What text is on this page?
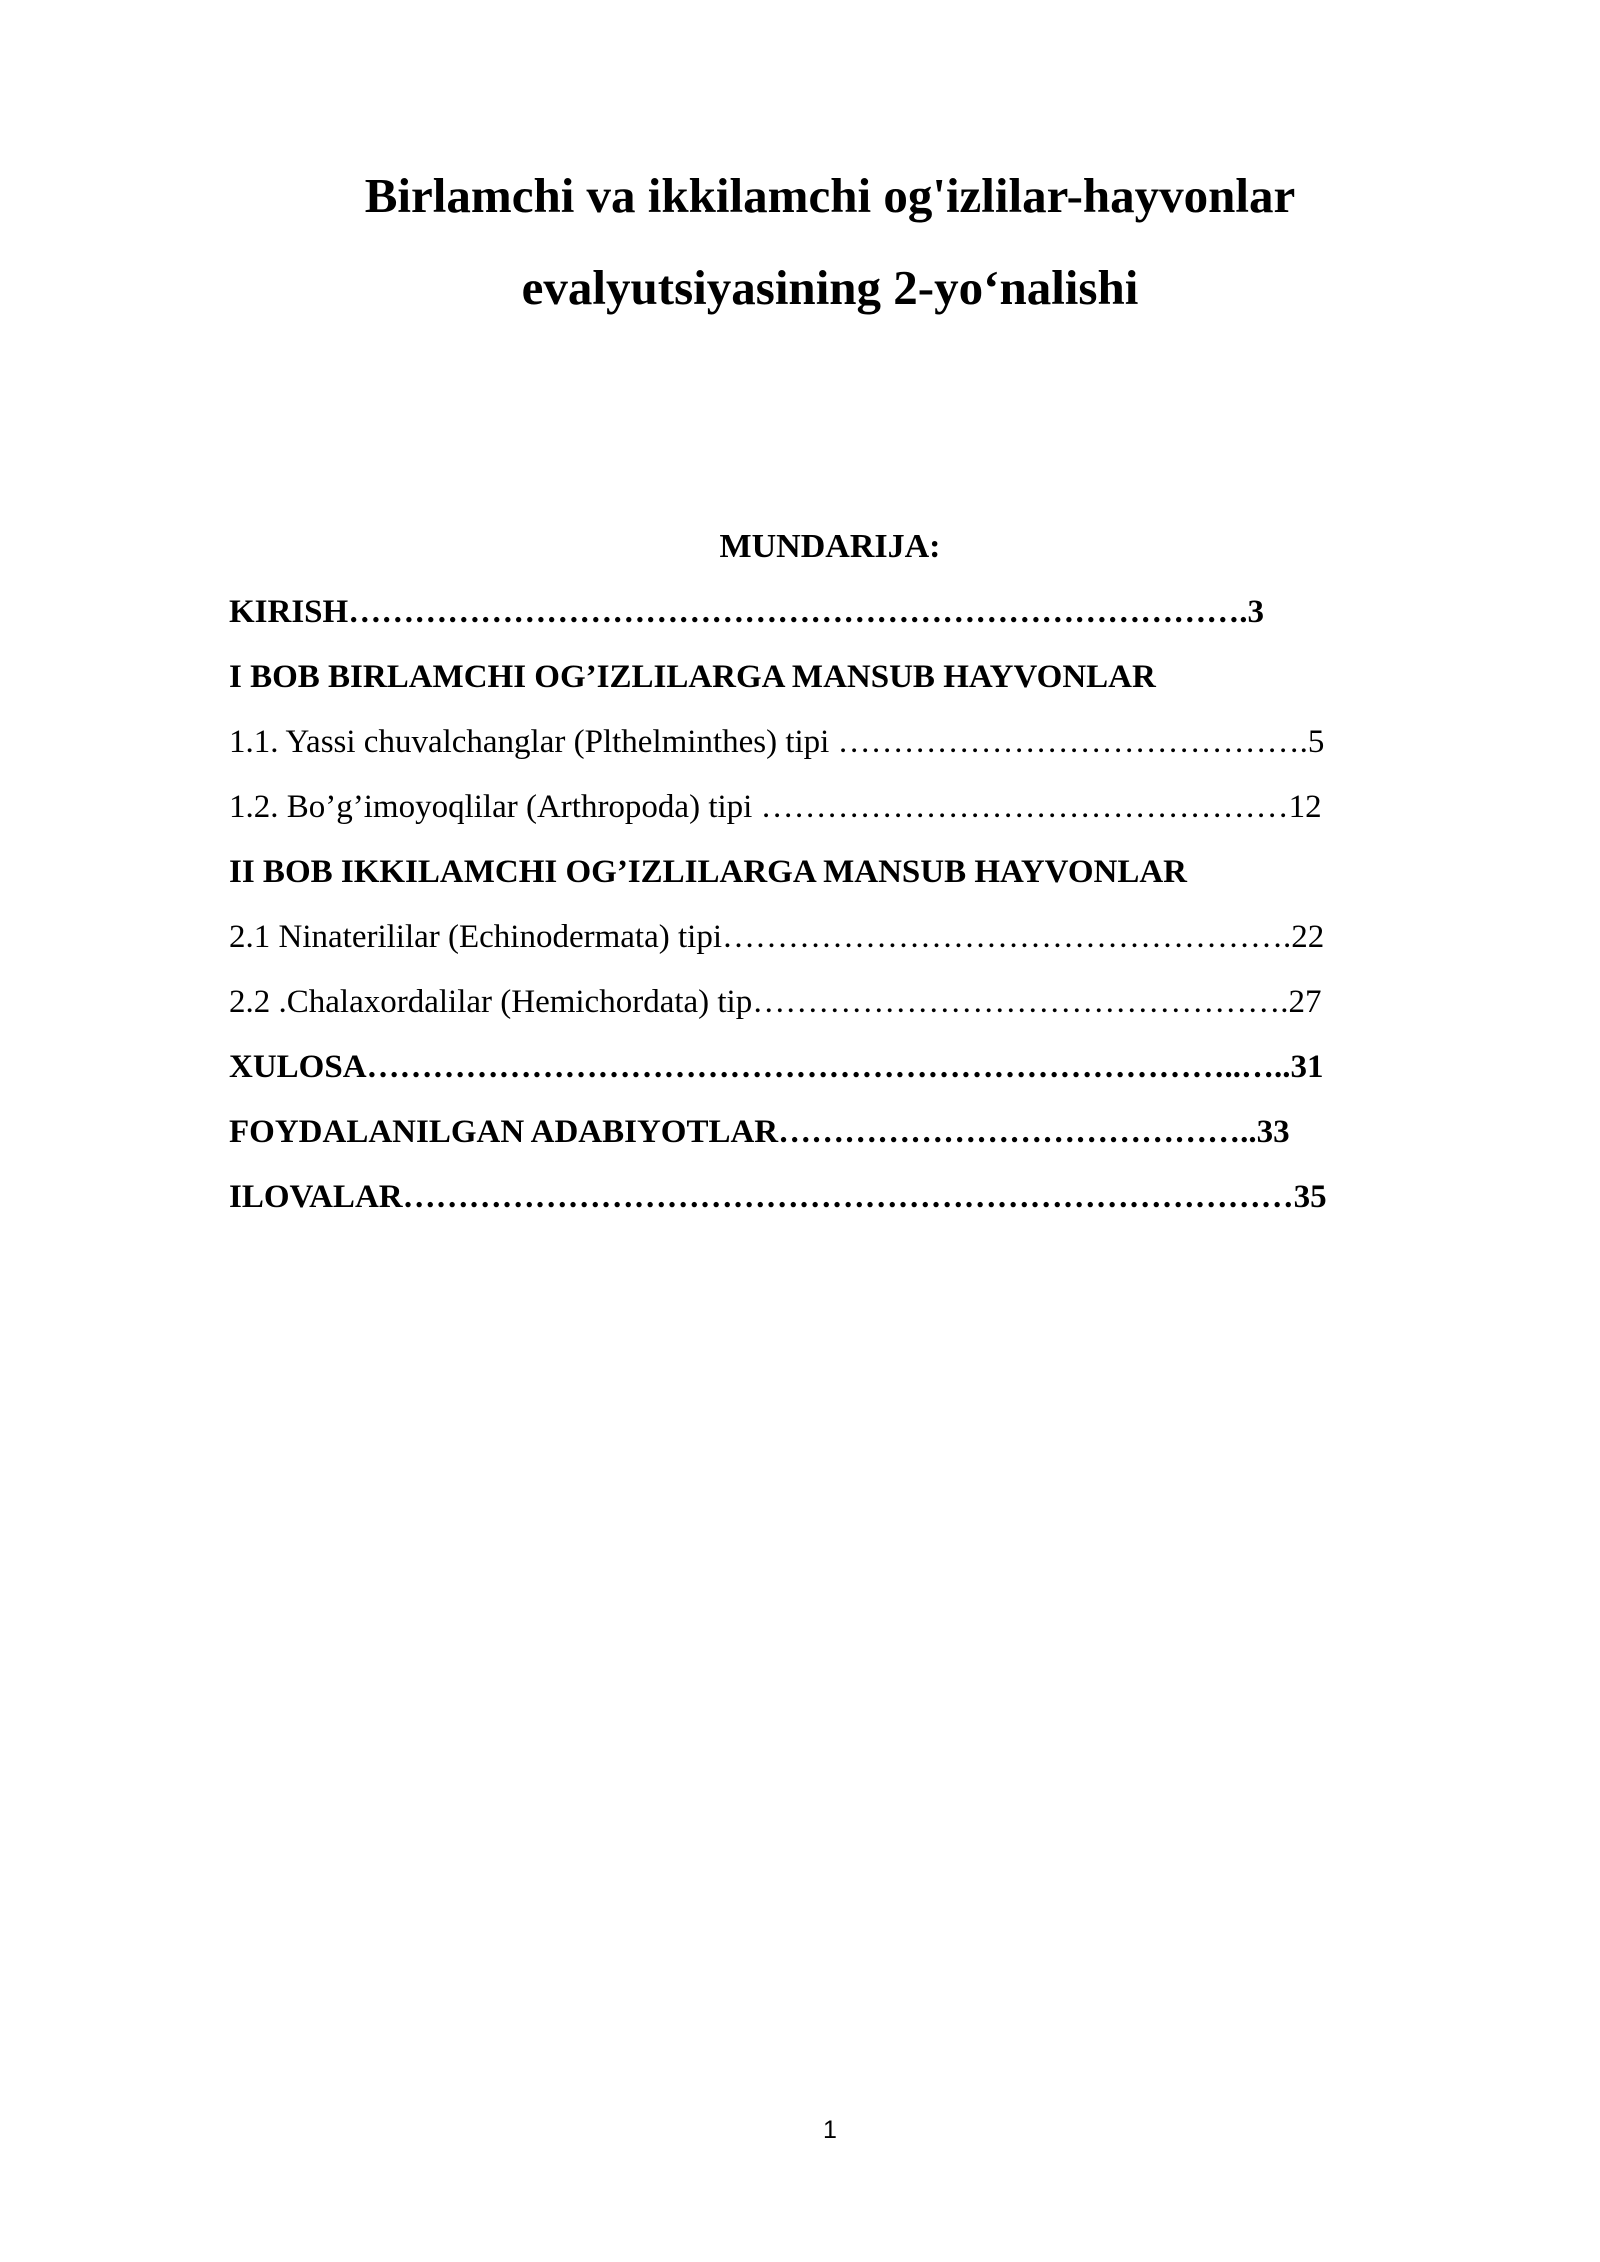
Birlamchi va ikkilamchi og'izlilar-hayvonlar
evalyutsiyasining 2-yo‘nalishi
MUNDARIJA:
KIRISH……………………………………………………………………….3
I BOB BIRLAMCHI OG’IZLILARGA MANSUB HAYVONLAR
1.1. Yassi chuvalchanglar (Plthelminthes) tipi …………………………………….5
1.2. Bo’g’imoyoqlilar (Arthropoda) tipi …………………………………………12
II BOB IKKILAMCHI OG’IZLILARGA MANSUB HAYVONLAR
2.1 Ninaterililar (Echinodermata) tipi…………………………………………….22
2.2 .Chalaxordalilar (Hemichordata) tip………………………………………….27
XULOSA……………………………………………………………………..…..31
FOYDALANILGAN ADABIYOTLAR……………………………………..33
ILOVALAR………………………………………………………………………35
1
